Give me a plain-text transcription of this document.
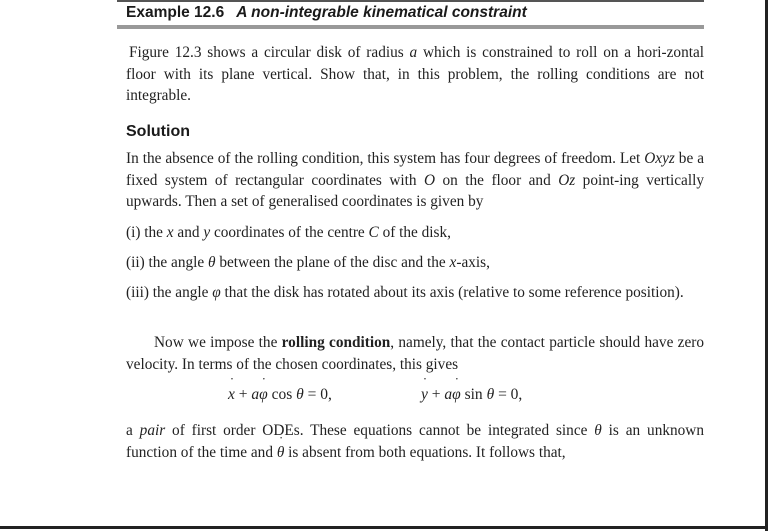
Example 12.6 A non-integrable kinematical constraint
Figure 12.3 shows a circular disk of radius a which is constrained to roll on a hori-zontal floor with its plane vertical. Show that, in this problem, the rolling conditions are not integrable.
Solution
In the absence of the rolling condition, this system has four degrees of freedom. Let Oxyz be a fixed system of rectangular coordinates with O on the floor and Oz point-ing vertically upwards. Then a set of generalised coordinates is given by
(i) the x and y coordinates of the centre C of the disk,
(ii) the angle θ between the plane of the disc and the x-axis,
(iii) the angle φ that the disk has rotated about its axis (relative to some reference position).
Now we impose the rolling condition, namely, that the contact particle should have zero velocity. In terms of the chosen coordinates, this gives
x ˙ + aφ ˙ cos θ = 0,	y ˙ + aφ ˙ sin θ = 0,
a pair of first order ODEs. These equations cannot be integrated since θ is an unknown function of the time and θ ˙ is absent from both equations. It follows that,
